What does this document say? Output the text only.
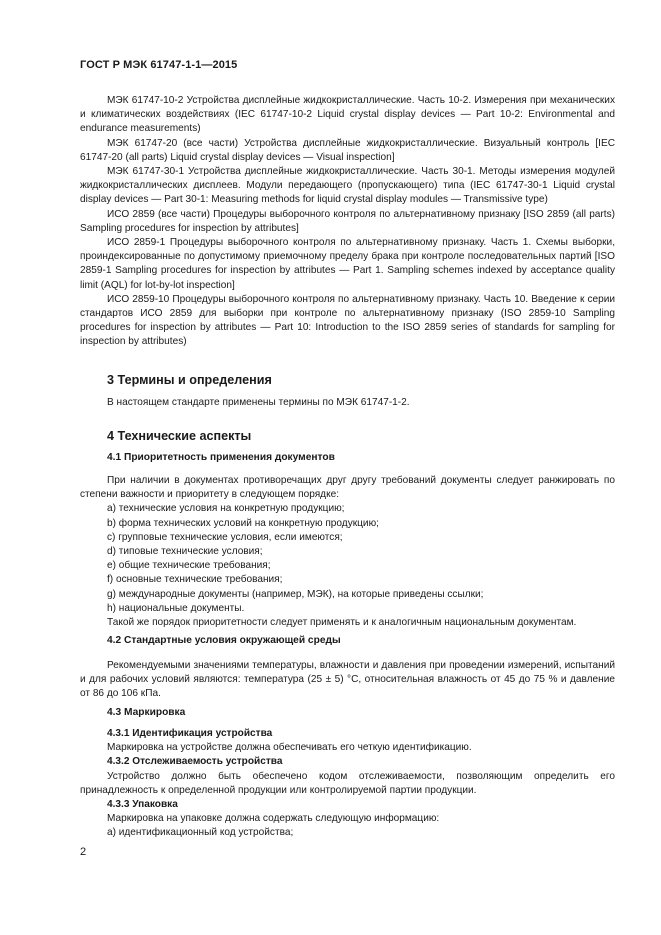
ГОСТ Р МЭК 61747-1-1—2015

МЭК 61747-10-2 Устройства дисплейные жидкокристаллические. Часть 10-2. Измерения при механических и климатических воздействиях (IEC 61747-10-2 Liquid crystal display devices — Part 10-2: Environmental and endurance measurements)

МЭК 61747-20 (все части) Устройства дисплейные жидкокристаллические. Визуальный контроль [IEC 61747-20 (all parts) Liquid crystal display devices — Visual inspection]

МЭК 61747-30-1 Устройства дисплейные жидкокристаллические. Часть 30-1. Методы измерения модулей жидкокристаллических дисплеев. Модули передающего (пропускающего) типа (IEC 61747-30-1 Liquid crystal display devices — Part 30-1: Measuring methods for liquid crystal display modules — Transmissive type)

ИСО 2859 (все части) Процедуры выборочного контроля по альтернативному признаку [ISO 2859 (all parts) Sampling procedures for inspection by attributes]

ИСО 2859-1 Процедуры выборочного контроля по альтернативному признаку. Часть 1. Схемы выборки, проиндексированные по допустимому приемочному пределу брака при контроле последовательных партий [ISO 2859-1 Sampling procedures for inspection by attributes — Part 1. Sampling schemes indexed by acceptance quality limit (AQL) for lot-by-lot inspection]

ИСО 2859-10 Процедуры выборочного контроля по альтернативному признаку. Часть 10. Введение к серии стандартов ИСО 2859 для выборки при контроле по альтернативному признаку (ISO 2859-10 Sampling procedures for inspection by attributes — Part 10: Introduction to the ISO 2859 series of standards for sampling for inspection by attributes)

3 Термины и определения

В настоящем стандарте применены термины по МЭК 61747-1-2.

4 Технические аспекты
4.1 Приоритетность применения документов

При наличии в документах противоречащих друг другу требований документы следует ранжировать по степени важности и приоритету в следующем порядке:

a) технические условия на конкретную продукцию;

b) форма технических условий на конкретную продукцию;

c) групповые технические условия, если имеются;

d) типовые технические условия;

e) общие технические требования;

f) основные технические требования;

g) международные документы (например, МЭК), на которые приведены ссылки;

h) национальные документы.

Такой же порядок приоритетности следует применять и к аналогичным национальным документам.

4.2 Стандартные условия окружающей среды

Рекомендуемыми значениями температуры, влажности и давления при проведении измерений, испытаний и для рабочих условий являются: температура (25 ± 5) °С, относительная влажность от 45 до 75 % и давление от 86 до 106 кПа.

4.3 Маркировка

4.3.1 Идентификация устройства

Маркировка на устройстве должна обеспечивать его четкую идентификацию.

4.3.2 Отслеживаемость устройства

Устройство должно быть обеспечено кодом отслеживаемости, позволяющим определить его принадлежность к определенной продукции или контролируемой партии продукции.

4.3.3 Упаковка

Маркировка на упаковке должна содержать следующую информацию:

a) идентификационный код устройства;

2
